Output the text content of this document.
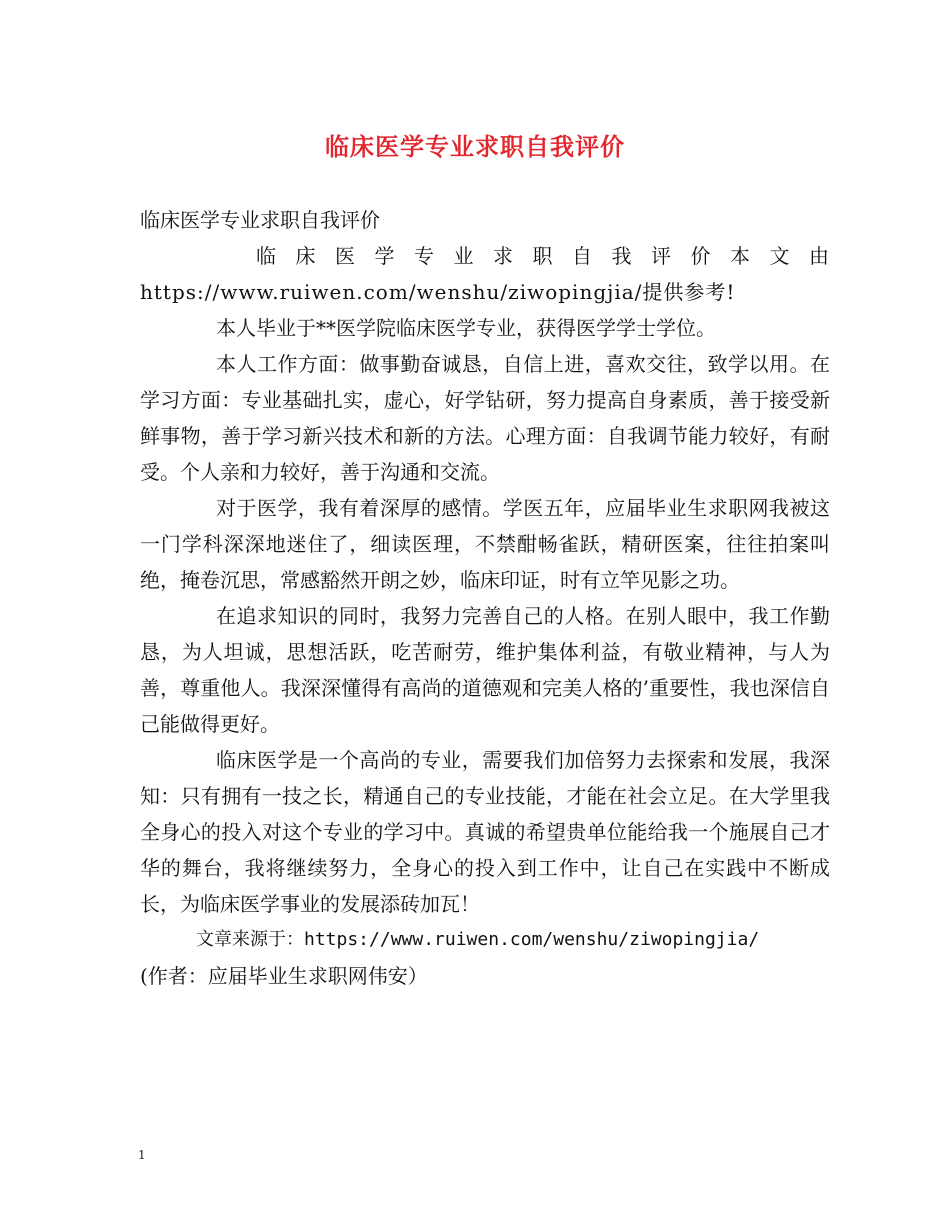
临床医学专业求职自我评价

临床医学专业求职自我评价

临床医学专业求职自我评价本文由https://www.ruiwen.com/wenshu/ziwopingjia/提供参考!

本人毕业于**医学院临床医学专业，获得医学学士学位。

本人工作方面：做事勤奋诚恳，自信上进，喜欢交往，致学以用。在学习方面：专业基础扎实，虚心，好学钻研，努力提高自身素质，善于接受新鲜事物，善于学习新兴技术和新的方法。心理方面：自我调节能力较好，有耐受。个人亲和力较好，善于沟通和交流。

对于医学，我有着深厚的感情。学医五年，应届毕业生求职网我被这一门学科深深地迷住了，细读医理，不禁酣畅雀跃，精研医案，往往拍案叫绝，掩卷沉思，常感豁然开朗之妙，临床印证，时有立竿见影之功。

在追求知识的同时，我努力完善自己的人格。在别人眼中，我工作勤恳，为人坦诚，思想活跃，吃苦耐劳，维护集体利益，有敬业精神，与人为善，尊重他人。我深深懂得有高尚的道德观和完美人格的’重要性，我也深信自己能做得更好。

临床医学是一个高尚的专业，需要我们加倍努力去探索和发展，我深知：只有拥有一技之长，精通自己的专业技能，才能在社会立足。在大学里我全身心的投入对这个专业的学习中。真诚的希望贵单位能给我一个施展自己才华的舞台，我将继续努力，全身心的投入到工作中，让自己在实践中不断成长，为临床医学事业的发展添砖加瓦！

文章来源于：https://www.ruiwen.com/wenshu/ziwopingjia/

(作者：应届毕业生求职网伟安）

1
